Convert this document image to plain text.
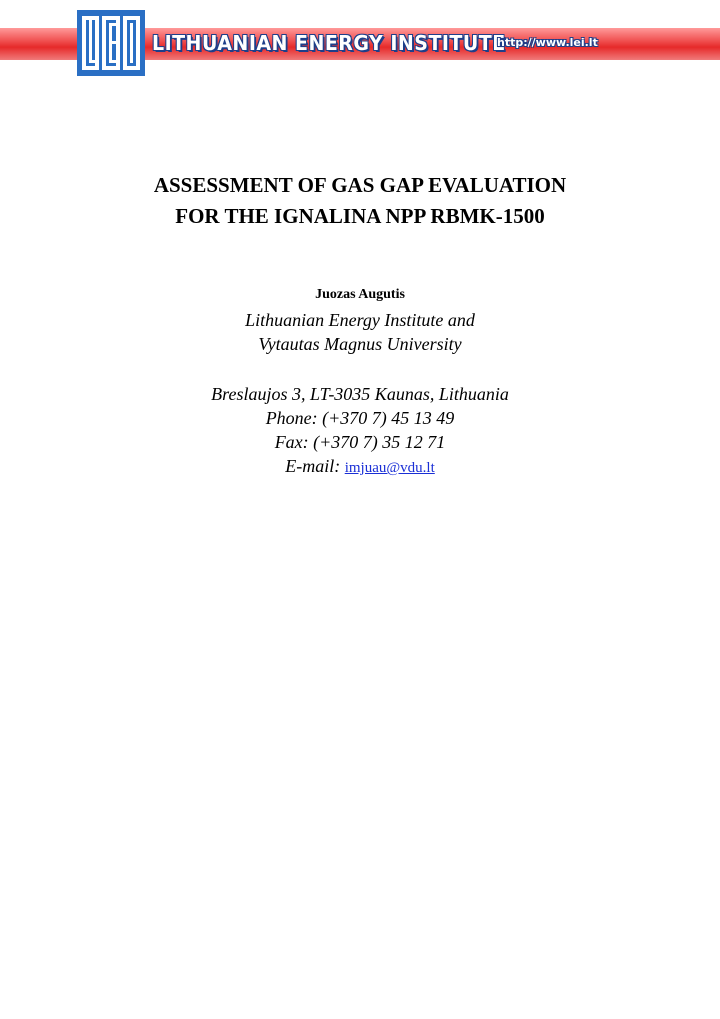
LITHUANIAN ENERGY INSTITUTE
http://www.lei.lt
ASSESSMENT OF GAS GAP EVALUATION
FOR THE IGNALINA NPP RBMK-1500
Juozas Augutis
Lithuanian Energy Institute and
Vytautas Magnus University
Breslaujos 3, LT-3035 Kaunas, Lithuania
Phone: (+370 7) 45 13 49
Fax: (+370 7) 35 12 71
E-mail: imjuau@vdu.lt
